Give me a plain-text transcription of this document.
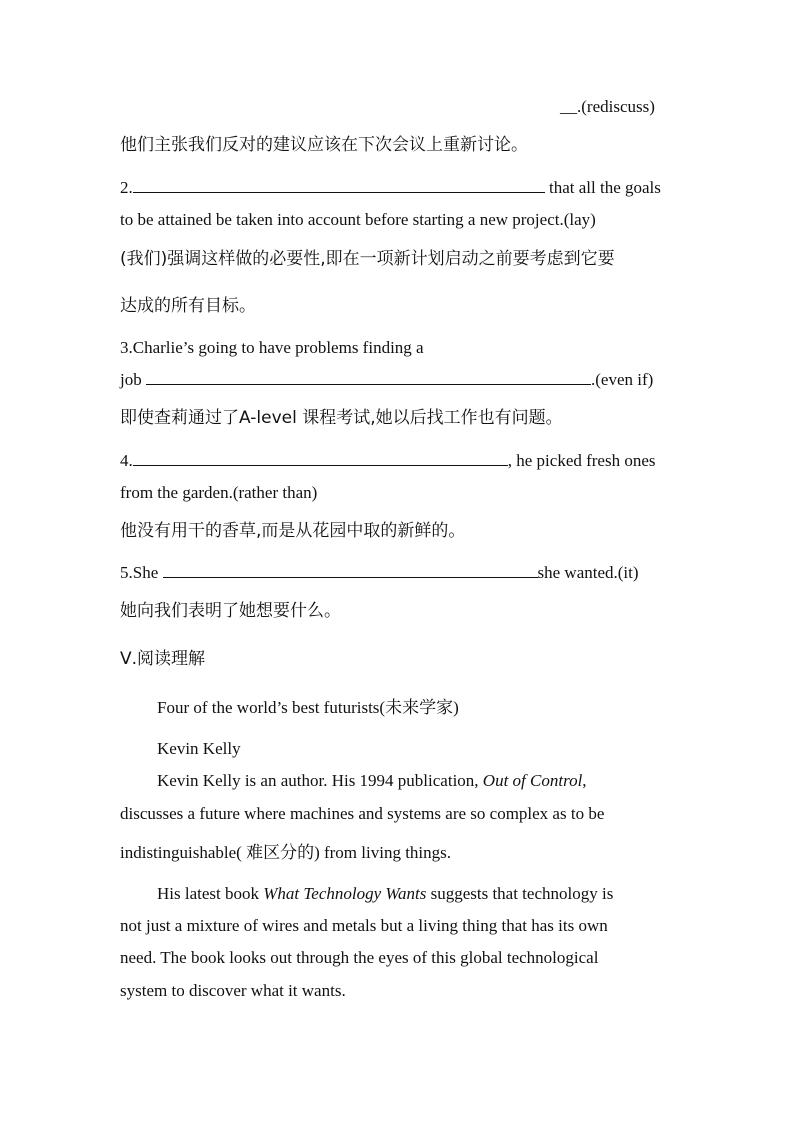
__.(rediscuss)
他们主张我们反对的建议应该在下次会议上重新讨论。
2.	that all the goals
to be attained be taken into account before starting a new project.(lay)
(我们)强调这样做的必要性,即在一项新计划启动之前要考虑到它要
达成的所有目标。
3.Charlie’s going to have problems finding a
job	.(even if)
即使查莉通过了A-level 课程考试,她以后找工作也有问题。
4.	, he picked fresh ones
from the garden.(rather than)
他没有用干的香草,而是从花园中取的新鲜的。
5.She	she wanted.(it)
她向我们表明了她想要什么。
Ⅴ.阅读理解
Four of the world’s best futurists(未来学家)
Kevin Kelly
Kevin Kelly is an author. His 1994 publication, Out of Control,
discusses a future where machines and systems are so complex as to be
indistinguishable( 难区分的) from living things.
His latest book What Technology Wants suggests that technology is
not just a mixture of wires and metals but a living thing that has its own
need. The book looks out through the eyes of this global technological
system to discover what it wants.
